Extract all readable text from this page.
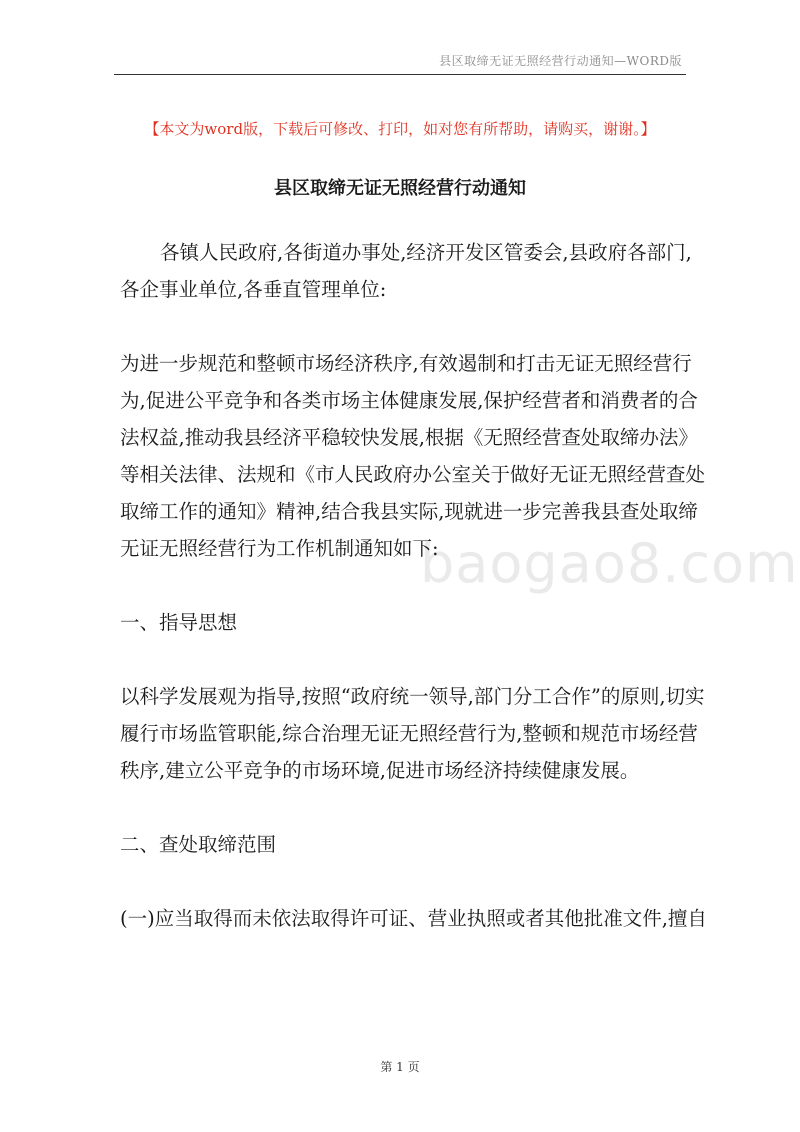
县区取缔无证无照经营行动通知—WORD版
【本文为word版，下载后可修改、打印，如对您有所帮助，请购买，谢谢。】
县区取缔无证无照经营行动通知
baogao8.com

各镇人民政府,各街道办事处,经济开发区管委会,县政府各部门,

各企事业单位,各垂直管理单位:

为进一步规范和整顿市场经济秩序,有效遏制和打击无证无照经营行

为,促进公平竞争和各类市场主体健康发展,保护经营者和消费者的合

法权益,推动我县经济平稳较快发展,根据《无照经营查处取缔办法》

等相关法律、法规和《市人民政府办公室关于做好无证无照经营查处

取缔工作的通知》精神,结合我县实际,现就进一步完善我县查处取缔

无证无照经营行为工作机制通知如下:

一、指导思想

以科学发展观为指导,按照“政府统一领导,部门分工合作”的原则,切实

履行市场监管职能,综合治理无证无照经营行为,整顿和规范市场经营

秩序,建立公平竞争的市场环境,促进市场经济持续健康发展。

二、查处取缔范围

(一)应当取得而未依法取得许可证、营业执照或者其他批准文件,擅自

第 1 页
